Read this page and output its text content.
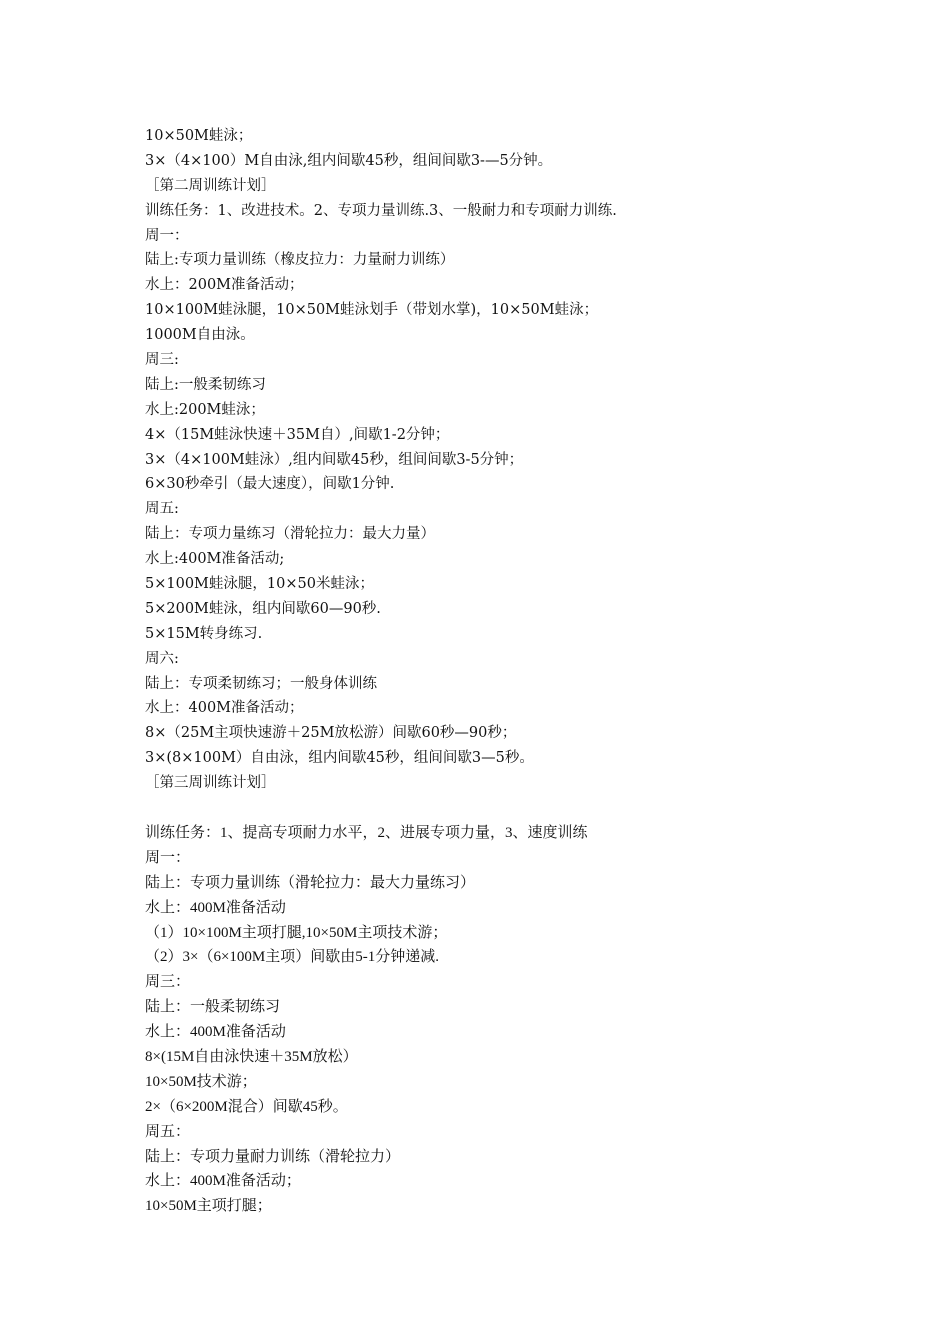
10×50M蛙泳；
3×（4×100）M自由泳,组内间歇45秒，组间间歇3-—5分钟。
［第二周训练计划］
训练任务：1、改进技术。2、专项力量训练.3、一般耐力和专项耐力训练.
周一：
陆上:专项力量训练（橡皮拉力：力量耐力训练）
水上：200M准备活动；
10×100M蛙泳腿，10×50M蛙泳划手（带划水掌)，10×50M蛙泳；
1000M自由泳。
周三:
陆上:一般柔韧练习
水上:200M蛙泳；
4×（15M蛙泳快速＋35M自）,间歇1-2分钟；
3×（4×100M蛙泳）,组内间歇45秒，组间间歇3-5分钟；
6×30秒牵引（最大速度），间歇1分钟.
周五:
陆上：专项力量练习（滑轮拉力：最大力量）
水上:400M准备活动;
5×100M蛙泳腿，10×50米蛙泳；
5×200M蛙泳，组内间歇60—90秒.
5×15M转身练习.
周六:
陆上：专项柔韧练习；一般身体训练
水上：400M准备活动；
8×（25M主项快速游＋25M放松游）间歇60秒—90秒；
3×(8×100M）自由泳，组内间歇45秒，组间间歇3—5秒。
［第三周训练计划］
训练任务：1、提高专项耐力水平，2、进展专项力量，3、速度训练
周一：
陆上：专项力量训练（滑轮拉力：最大力量练习）
水上：400M准备活动
（1）10×100M主项打腿,10×50M主项技术游；
（2）3×（6×100M主项）间歇由5-1分钟递减.
周三：
陆上：一般柔韧练习
水上：400M准备活动
8×(15M自由泳快速＋35M放松）
10×50M技术游；
2×（6×200M混合）间歇45秒。
周五：
陆上：专项力量耐力训练（滑轮拉力）
水上：400M准备活动；
10×50M主项打腿；
